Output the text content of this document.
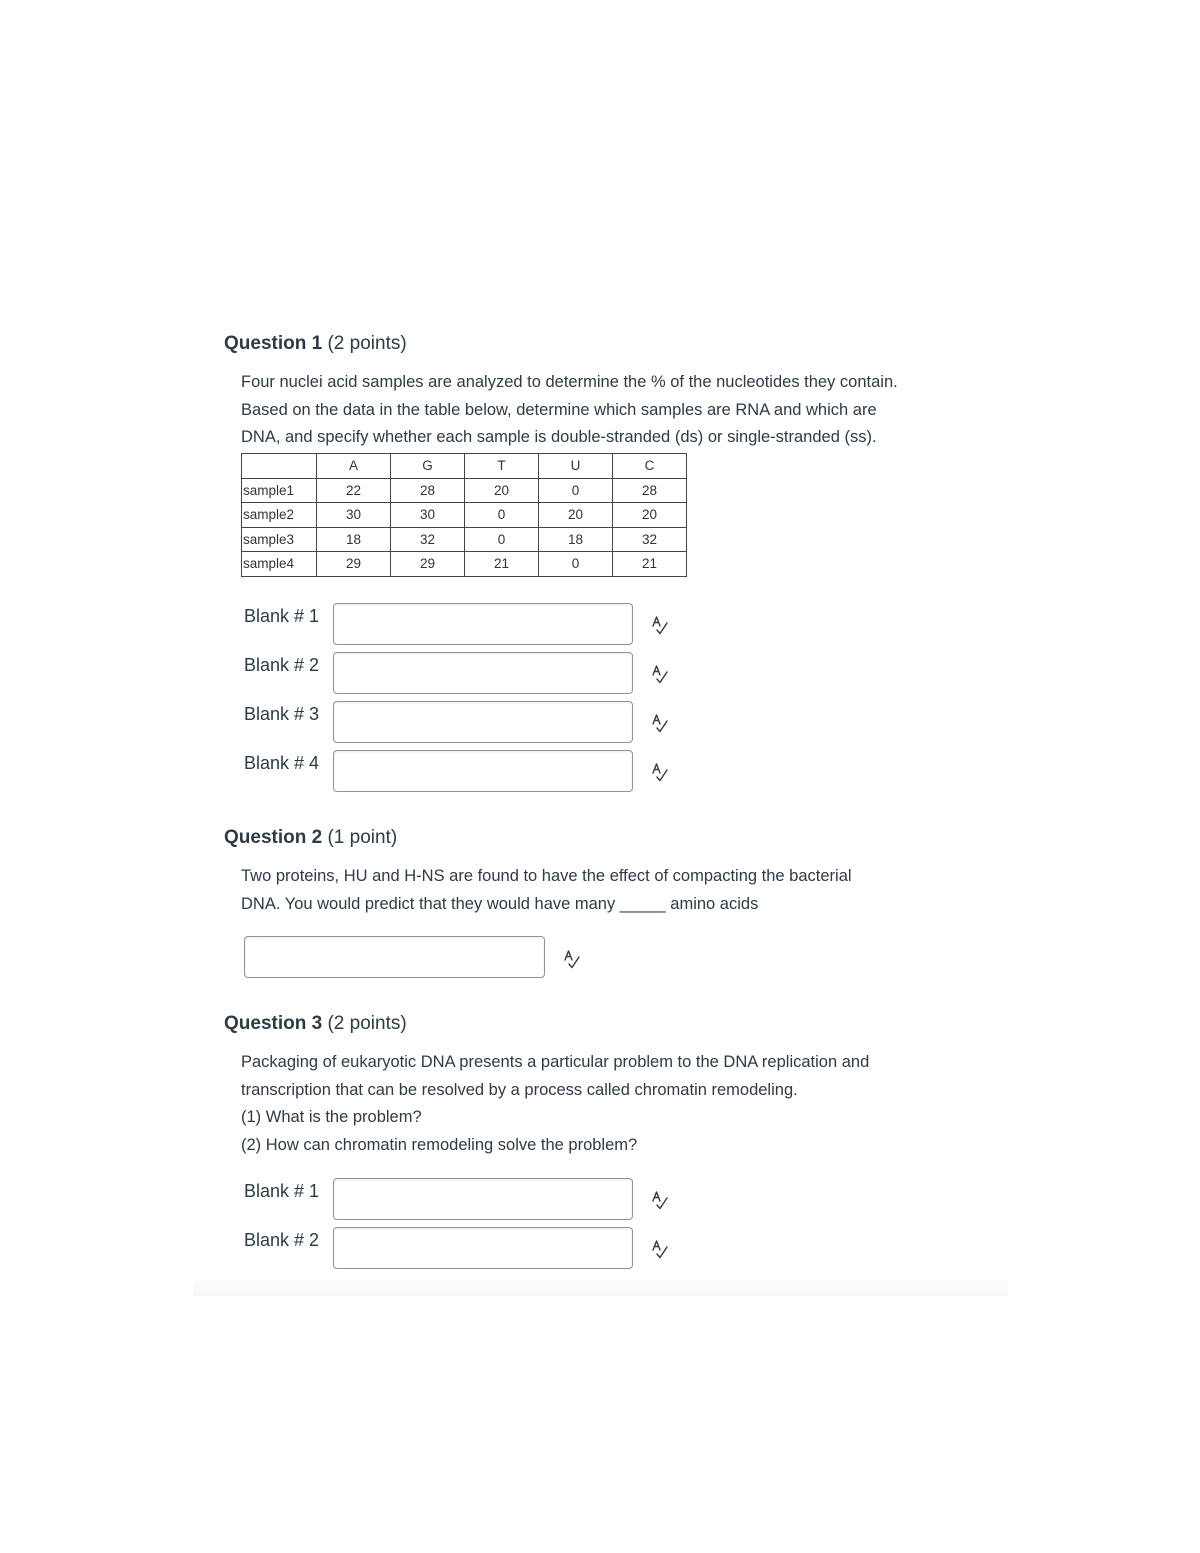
Question 1 (2 points)
Four nuclei acid samples are analyzed to determine the % of the nucleotides they contain.
Based on the data in the table below, determine which samples are RNA and which are
DNA, and specify whether each sample is double-stranded (ds) or single-stranded (ss).
	A	G	T	U	C
sample1	22	28	20	0	28
sample2	30	30	0	20	20
sample3	18	32	0	18	32
sample4	29	29	21	0	21
Blank # 1
Blank # 2
Blank # 3
Blank # 4
Question 2 (1 point)
Two proteins, HU and H-NS are found to have the effect of compacting the bacterial
DNA. You would predict that they would have many _____ amino acids
Question 3 (2 points)
Packaging of eukaryotic DNA presents a particular problem to the DNA replication and
transcription that can be resolved by a process called chromatin remodeling.
(1) What is the problem?
(2) How can chromatin remodeling solve the problem?
Blank # 1
Blank # 2
